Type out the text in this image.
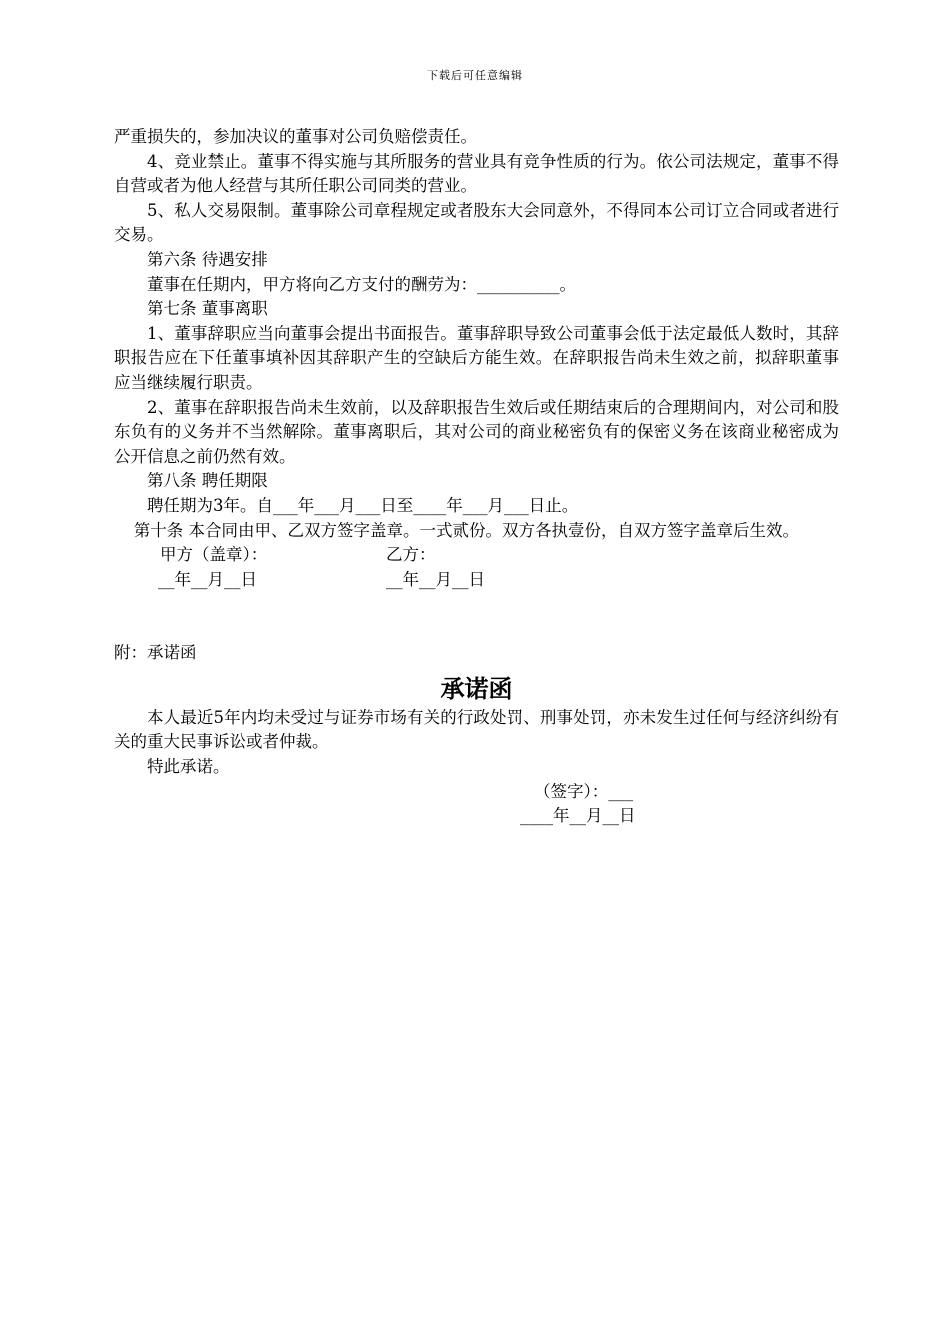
下载后可任意编辑

严重损失的，参加决议的董事对公司负赔偿责任。

4、竞业禁止。董事不得实施与其所服务的营业具有竞争性质的行为。依公司法规定，董事不得自营或者为他人经营与其所任职公司同类的营业。

5、私人交易限制。董事除公司章程规定或者股东大会同意外，不得同本公司订立合同或者进行交易。

第六条 待遇安排

董事在任期内，甲方将向乙方支付的酬劳为：__________。

第七条 董事离职

1、董事辞职应当向董事会提出书面报告。董事辞职导致公司董事会低于法定最低人数时，其辞职报告应在下任董事填补因其辞职产生的空缺后方能生效。在辞职报告尚未生效之前，拟辞职董事应当继续履行职责。

2、董事在辞职报告尚未生效前，以及辞职报告生效后或任期结束后的合理期间内，对公司和股东负有的义务并不当然解除。董事离职后，其对公司的商业秘密负有的保密义务在该商业秘密成为公开信息之前仍然有效。

第八条 聘任期限

聘任期为3年。自___年___月___日至____年___月___日止。

第十条 本合同由甲、乙双方签字盖章。一式贰份。双方各执壹份，自双方签字盖章后生效。

甲方（盖章）：	乙方：
__年__月__日	__年__月__日

附：承诺函

承诺函

本人最近5年内均未受过与证券市场有关的行政处罚、刑事处罚，亦未发生过任何与经济纠纷有关的重大民事诉讼或者仲裁。

特此承诺。

（签字）：___

____年__月__日
